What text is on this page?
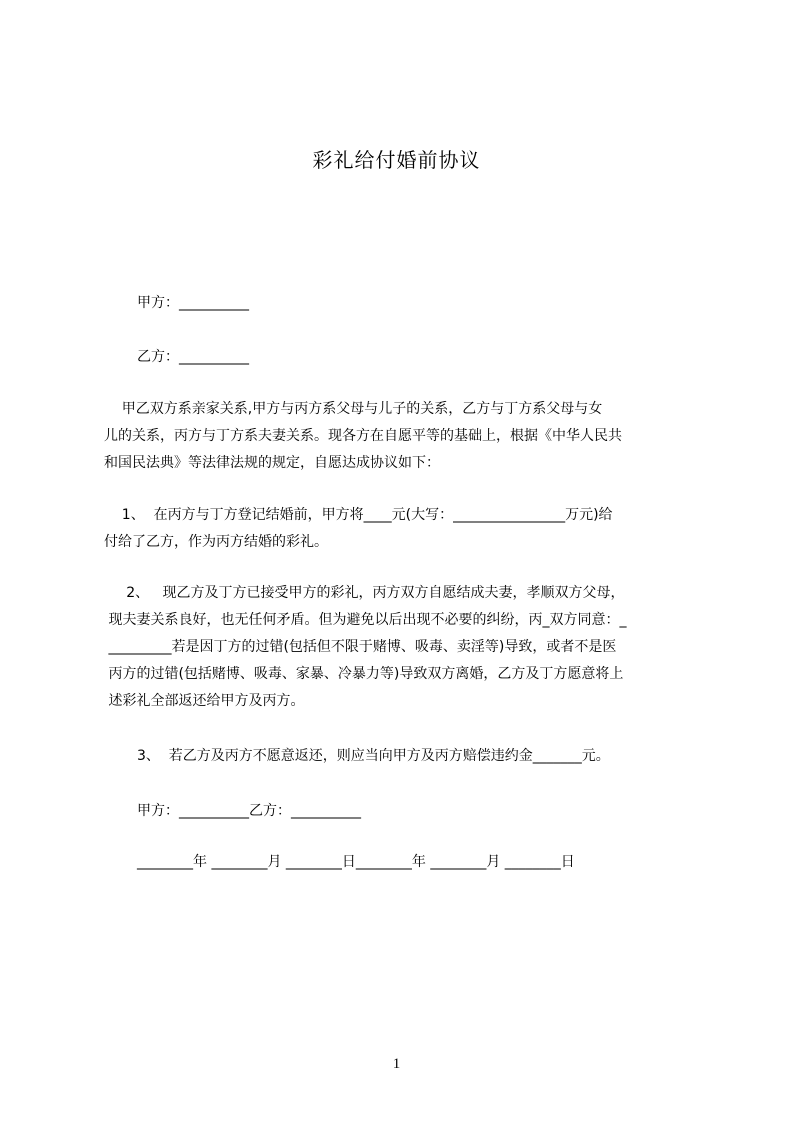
彩礼给付婚前协议

甲方：__________

乙方：__________

甲乙双方系亲家关系,甲方与丙方系父母与儿子的关系，乙方与丁方系父母与女
儿的关系，丙方与丁方系夫妻关系。现各方在自愿平等的基础上，根据《中华人民共
和国民法典》等法律法规的规定，自愿达成协议如下：
1、  在丙方与丁方登记结婚前，甲方将____元(大写：________________万元)给
付给了乙方，作为丙方结婚的彩礼。
2、   现乙方及丁方已接受甲方的彩礼，丙方双方自愿结成夫妻，孝顺双方父母，
现夫妻关系良好，也无任何矛盾。但为避免以后出现不必要的纠纷，丙_双方同意：_
_________若是因丁方的过错(包括但不限于赌博、吸毒、卖淫等)导致，或者不是医
丙方的过错(包括赌博、吸毒、家暴、冷暴力等)导致双方离婚，乙方及丁方愿意将上
述彩礼全部返还给甲方及丙方。

3、  若乙方及丙方不愿意返还，则应当向甲方及丙方赔偿违约金_______元。

甲方：__________乙方：__________

________年 ________月 ________日________年 ________月 ________日

1
